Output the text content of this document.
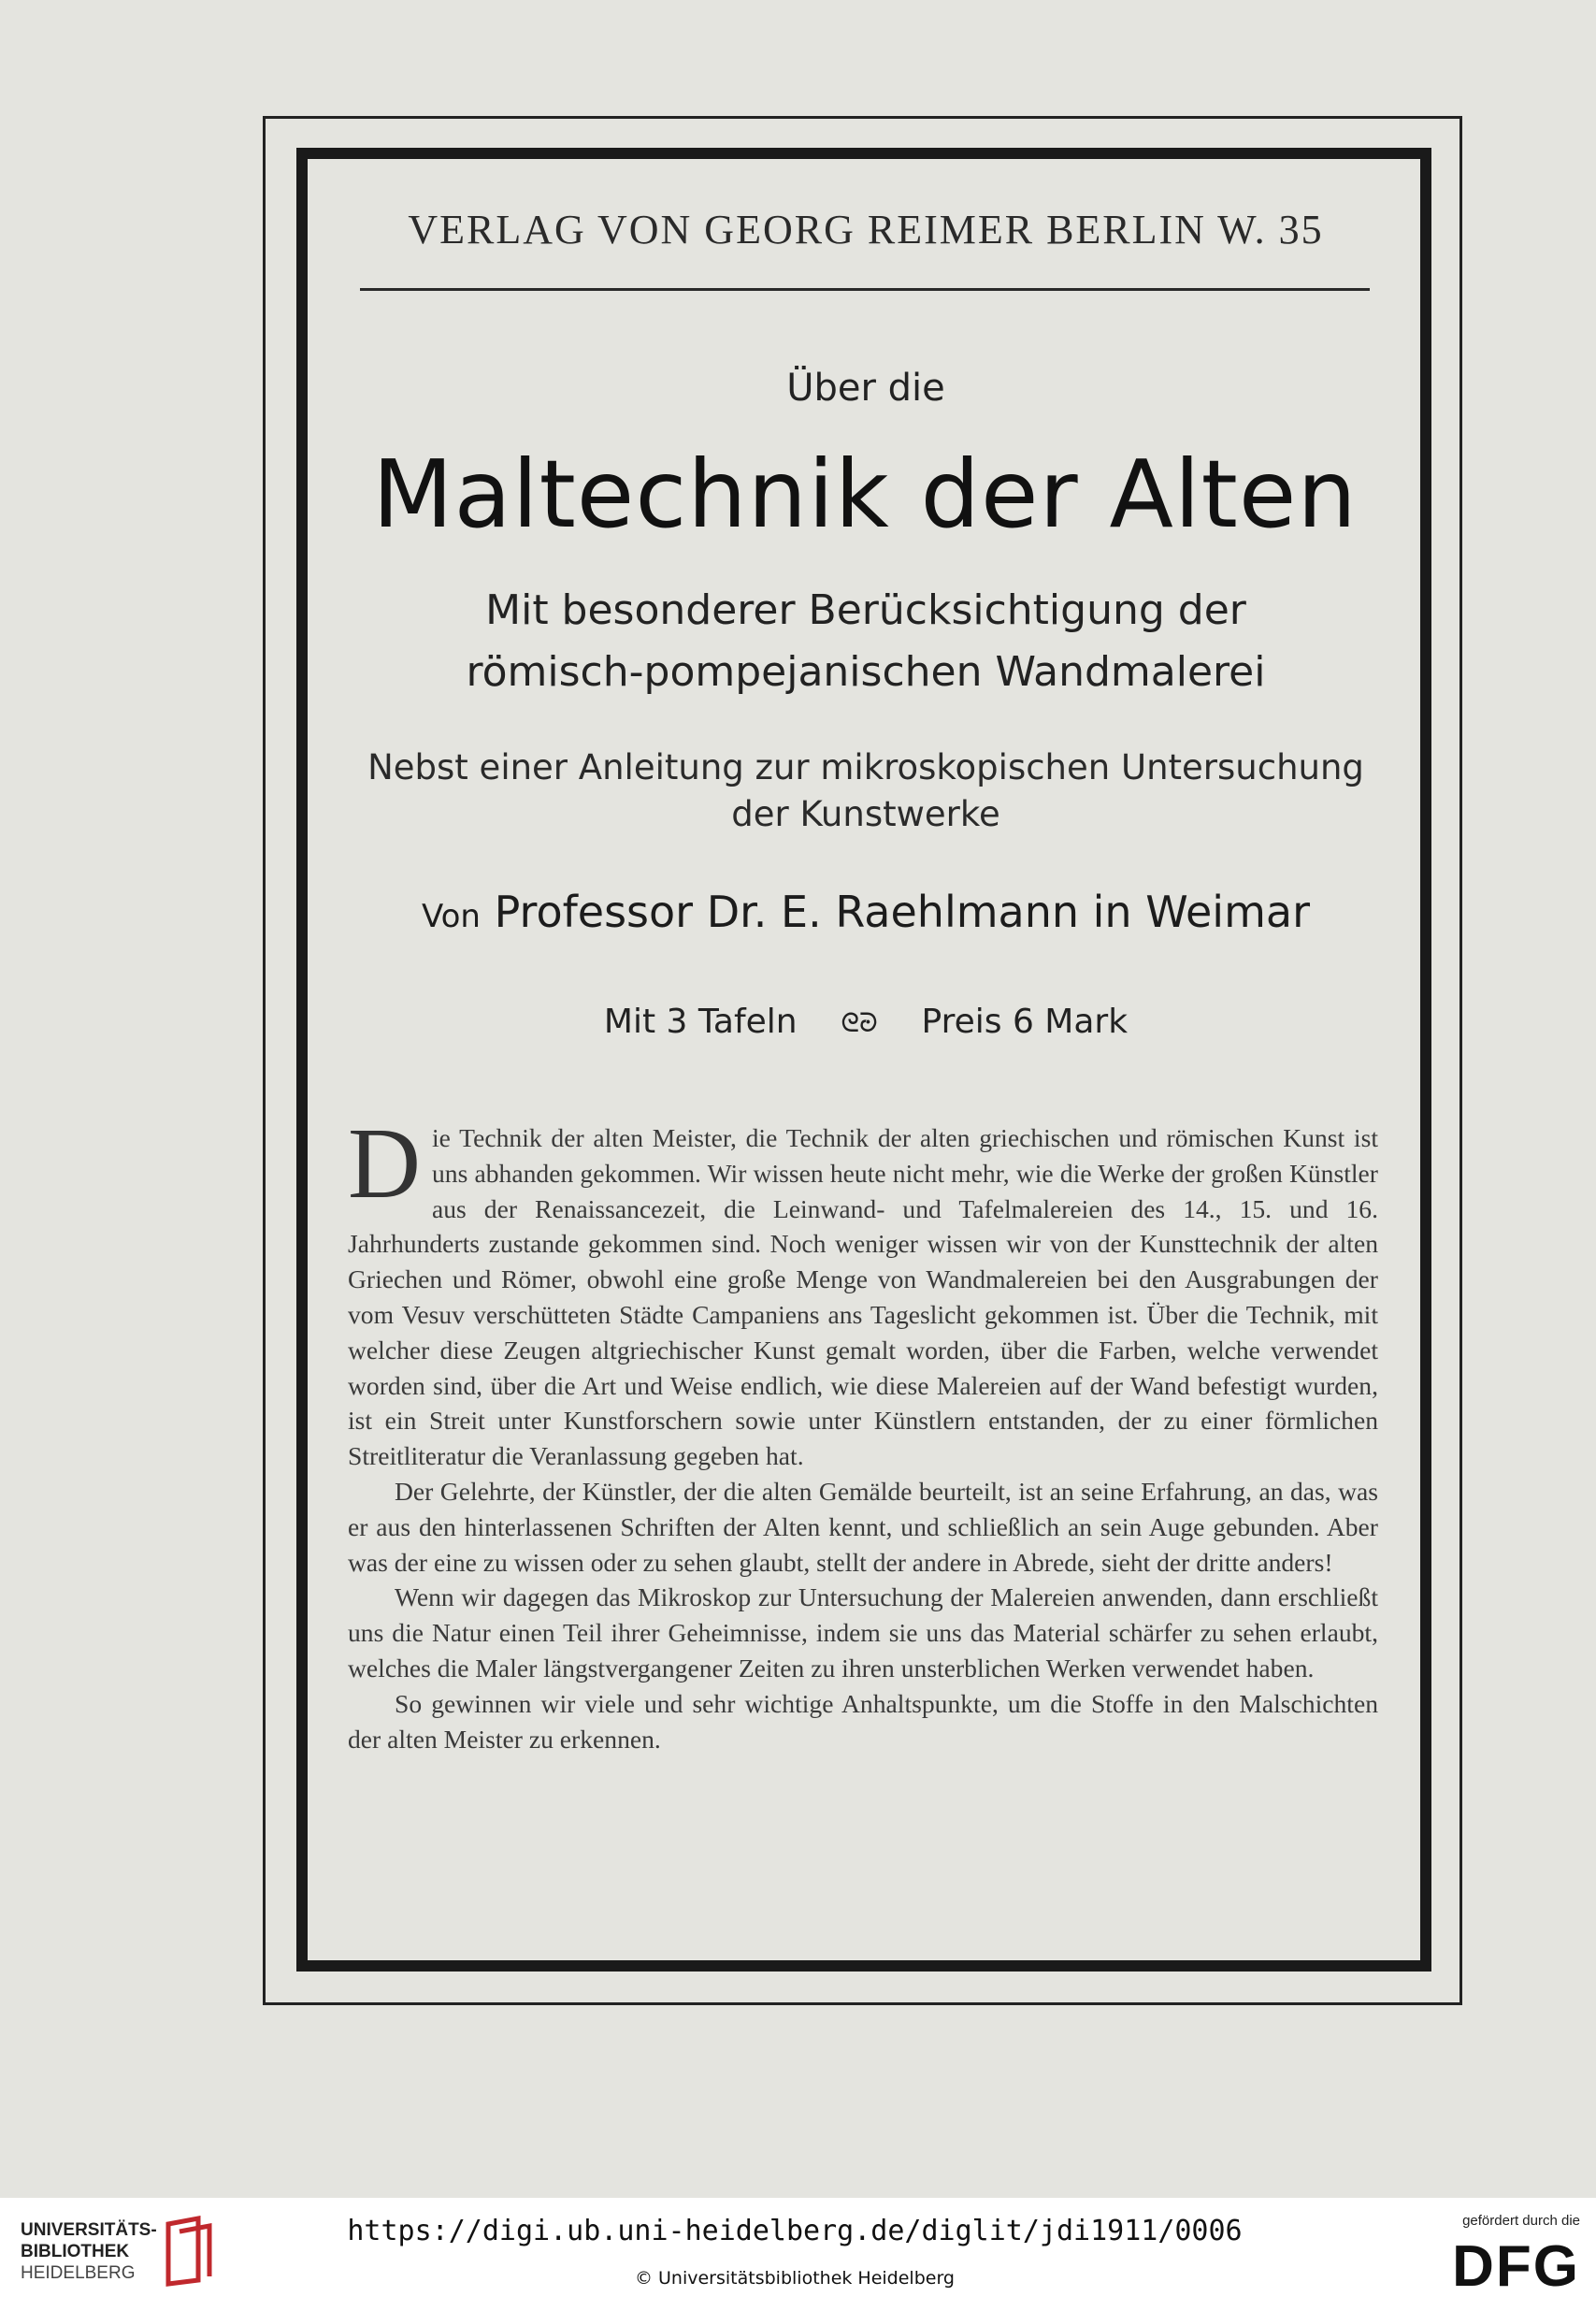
VERLAG VON GEORG REIMER BERLIN W. 35
Über die
Maltechnik der Alten
Mit besonderer Berücksichtigung der
römisch-pompejanischen Wandmalerei
Nebst einer Anleitung zur mikroskopischen Untersuchung
der Kunstwerke
Von Professor Dr. E. Raehlmann in Weimar
Mit 3 Tafeln ᘓᘒ Preis 6 Mark

Die Technik der alten Meister, die Technik der alten griechischen und römischen Kunst ist uns abhanden gekommen. Wir wissen heute nicht mehr, wie die Werke der großen Künstler aus der Renaissancezeit, die Leinwand- und Tafelmalereien des 14., 15. und 16. Jahrhunderts zustande gekommen sind. Noch weniger wissen wir von der Kunsttechnik der alten Griechen und Römer, obwohl eine große Menge von Wandmalereien bei den Ausgrabungen der vom Vesuv verschütteten Städte Campaniens ans Tageslicht gekommen ist. Über die Technik, mit welcher diese Zeugen altgriechischer Kunst gemalt worden, über die Farben, welche verwendet worden sind, über die Art und Weise endlich, wie diese Malereien auf der Wand befestigt wurden, ist ein Streit unter Kunstforschern sowie unter Künstlern entstanden, der zu einer förmlichen Streitliteratur die Veranlassung gegeben hat.

Der Gelehrte, der Künstler, der die alten Gemälde beurteilt, ist an seine Erfahrung, an das, was er aus den hinterlassenen Schriften der Alten kennt, und schließlich an sein Auge gebunden. Aber was der eine zu wissen oder zu sehen glaubt, stellt der andere in Abrede, sieht der dritte anders!

Wenn wir dagegen das Mikroskop zur Untersuchung der Malereien anwenden, dann erschließt uns die Natur einen Teil ihrer Geheimnisse, indem sie uns das Material schärfer zu sehen erlaubt, welches die Maler längstvergangener Zeiten zu ihren unsterblichen Werken verwendet haben.

So gewinnen wir viele und sehr wichtige Anhaltspunkte, um die Stoffe in den Malschichten der alten Meister zu erkennen.

UNIVERSITÄTS-
BIBLIOTHEK
HEIDELBERG
https://digi.ub.uni-heidelberg.de/diglit/jdi1911/0006
© Universitätsbibliothek Heidelberg
gefördert durch die
DFG
